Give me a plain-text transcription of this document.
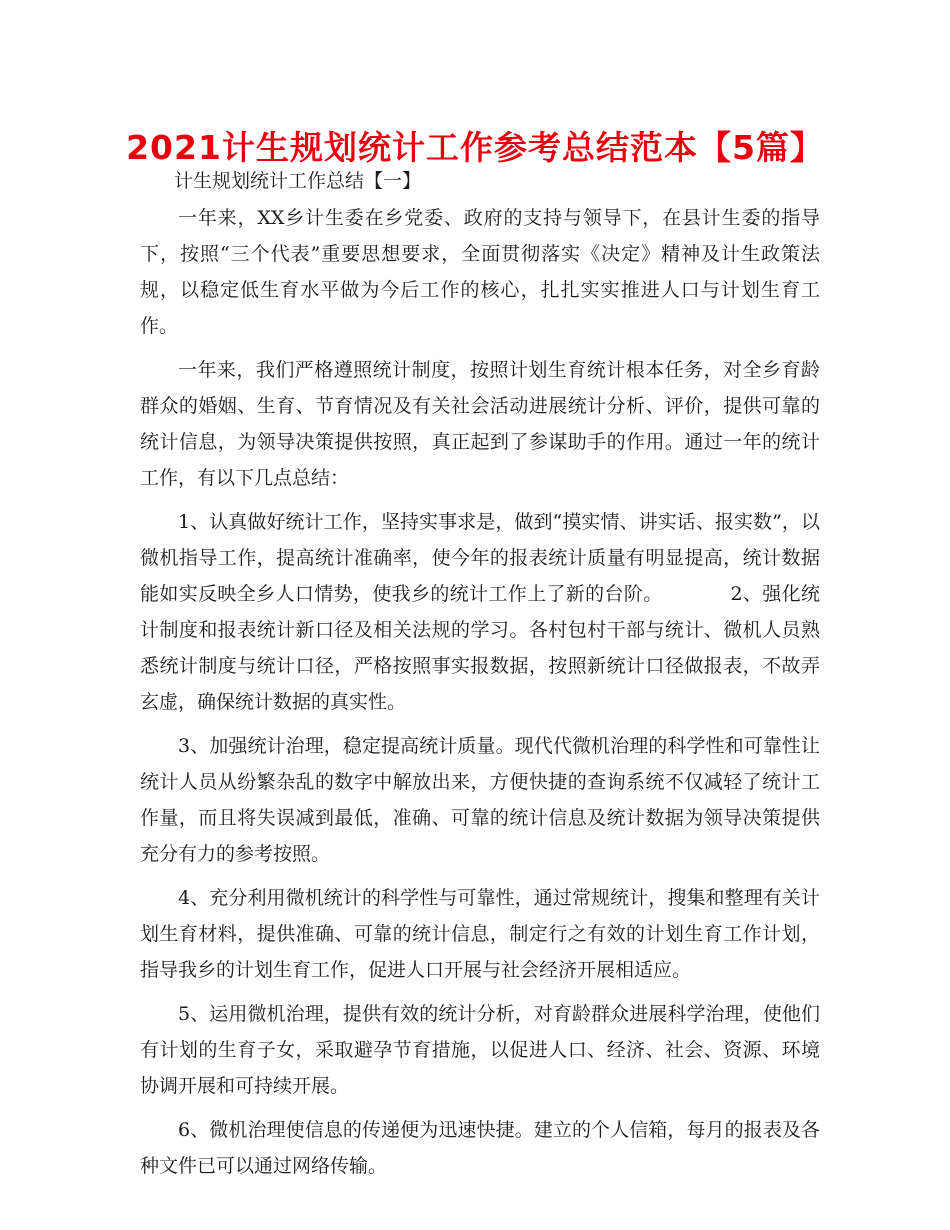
2021计生规划统计工作参考总结范本【5篇】
计生规划统计工作总结【一】

一年来，XX乡计生委在乡党委、政府的支持与领导下，在县计生委的指导下，按照“三个代表”重要思想要求，全面贯彻落实《决定》精神及计生政策法规，以稳定低生育水平做为今后工作的核心，扎扎实实推进人口与计划生育工作。

一年来，我们严格遵照统计制度，按照计划生育统计根本任务，对全乡育龄群众的婚姻、生育、节育情况及有关社会活动进展统计分析、评价，提供可靠的统计信息，为领导决策提供按照，真正起到了参谋助手的作用。通过一年的统计工作，有以下几点总结：

1、认真做好统计工作，坚持实事求是，做到“摸实情、讲实话、报实数”，以微机指导工作，提高统计准确率，使今年的报表统计质量有明显提高，统计数据能如实反映全乡人口情势，使我乡的统计工作上了新的台阶。　　　　2、强化统计制度和报表统计新口径及相关法规的学习。各村包村干部与统计、微机人员熟悉统计制度与统计口径，严格按照事实报数据，按照新统计口径做报表，不故弄玄虚，确保统计数据的真实性。

3、加强统计治理，稳定提高统计质量。现代代微机治理的科学性和可靠性让统计人员从纷繁杂乱的数字中解放出来，方便快捷的查询系统不仅减轻了统计工作量，而且将失误减到最低，准确、可靠的统计信息及统计数据为领导决策提供充分有力的参考按照。

4、充分利用微机统计的科学性与可靠性，通过常规统计，搜集和整理有关计划生育材料，提供准确、可靠的统计信息，制定行之有效的计划生育工作计划，指导我乡的计划生育工作，促进人口开展与社会经济开展相适应。

5、运用微机治理，提供有效的统计分析，对育龄群众进展科学治理，使他们有计划的生育子女，采取避孕节育措施，以促进人口、经济、社会、资源、环境协调开展和可持续开展。

6、微机治理使信息的传递便为迅速快捷。建立的个人信箱，每月的报表及各种文件已可以通过网络传输。
